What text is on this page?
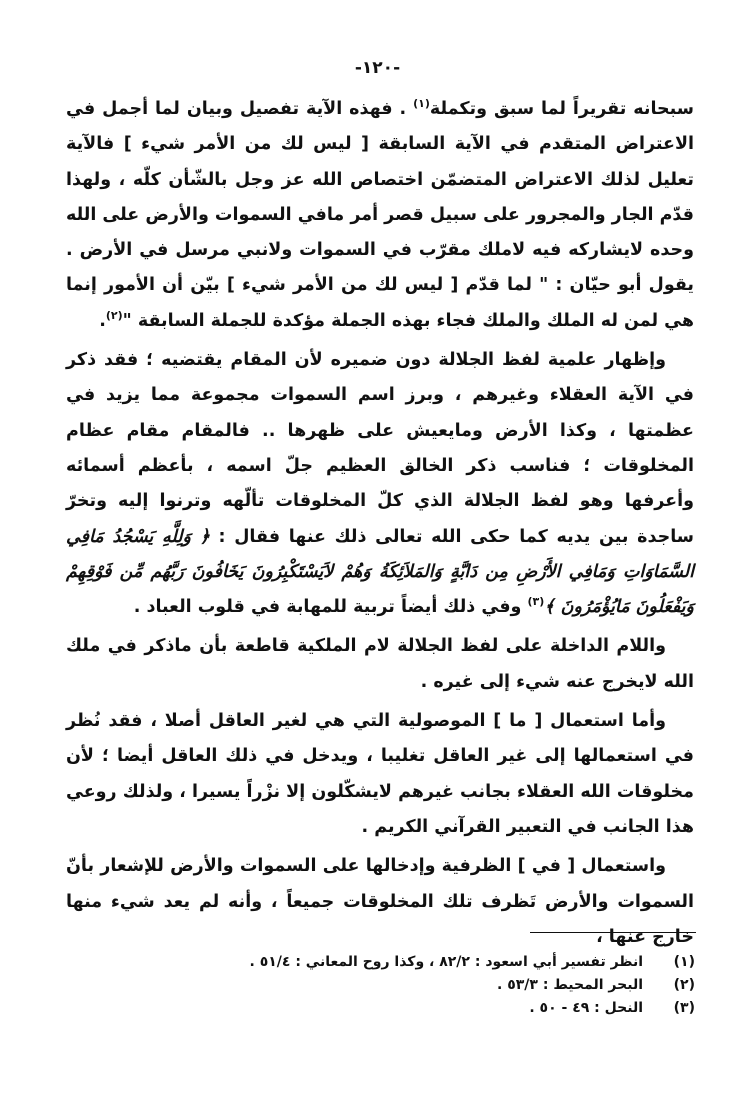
-١٢٠-

سبحانه تقريراً لما سبق وتكملة$^{(١)}$ . فهذه الآية تفصيل وبيان لما أجمل في الاعتراض المتقدم في الآية السابقة [ ليس لك من الأمر شيء ] فالآية تعليل لذلك الاعتراض المتضمّن اختصاص الله عز وجل بالشّأن كلّه ، ولهذا قدّم الجار والمجرور على سبيل قصر أمر مافي السموات والأرض على الله وحده لايشاركه فيه لاملك مقرّب في السموات ولانبي مرسل في الأرض . يقول أبو حيّان : " لما قدّم [ ليس لك من الأمر شيء ] بيّن أن الأمور إنما هي لمن له الملك والملك فجاء بهذه الجملة مؤكدة للجملة السابقة "$^{(٢)}$.

وإظهار علمية لفظ الجلالة دون ضميره لأن المقام يقتضيه ؛ فقد ذكر في الآية العقلاء وغيرهم ، وبرز اسم السموات مجموعة مما يزيد في عظمتها ، وكذا الأرض ومايعيش على ظهرها .. فالمقام مقام عظام المخلوقات ؛ فناسب ذكر الخالق العظيم جلّ اسمه ، بأعظم أسمائه وأعرفها وهو لفظ الجلالة الذي كلّ المخلوقات تألّهه وترنوا إليه وتخرّ ساجدة بين يديه كما حكى الله تعالى ذلك عنها فقال : ﴿ وَلِلَّهِ يَسْجُدُ مَافِي السَّمَاوَاتِ وَمَافِي الأَرْضِ مِن دَابَّةٍ وَالمَلاَئِكَةُ وَهُمْ لاَيَسْتَكْبِرُونَ يَخَافُونَ رَبَّهُم مِّن فَوْقِهِمْ وَيَفْعَلُونَ مَايُؤْمَرُونَ ﴾$^{(٣)}$ وفي ذلك أيضاً تربية للمهابة في قلوب العباد .

واللام الداخلة على لفظ الجلالة لام الملكية قاطعة بأن ماذكر في ملك الله لايخرج عنه شيء إلى غيره .

وأما استعمال [ ما ] الموصولية التي هي لغير العاقل أصلا ، فقد نُظر في استعمالها إلى غير العاقل تغليبا ، ويدخل في ذلك العاقل أيضا ؛ لأن مخلوقات الله العقلاء بجانب غيرهم لايشكّلون إلا نزْراً يسيرا ، ولذلك روعي هذا الجانب في التعبير القرآني الكريم .

واستعمال [ في ] الظرفية وإدخالها على السموات والأرض للإشعار بأنّ السموات والأرض تَظرف تلك المخلوقات جميعاً ، وأنه لم يعد شيء منها خارج عنها ،

(١)
انظر تفسير أبي اسعود : ٨٢/٢ ، وكذا روح المعاني : ٥١/٤ .
(٢)
البحر المحيط : ٥٣/٣ .
(٣)
النحل : ٤٩ - ٥٠ .
